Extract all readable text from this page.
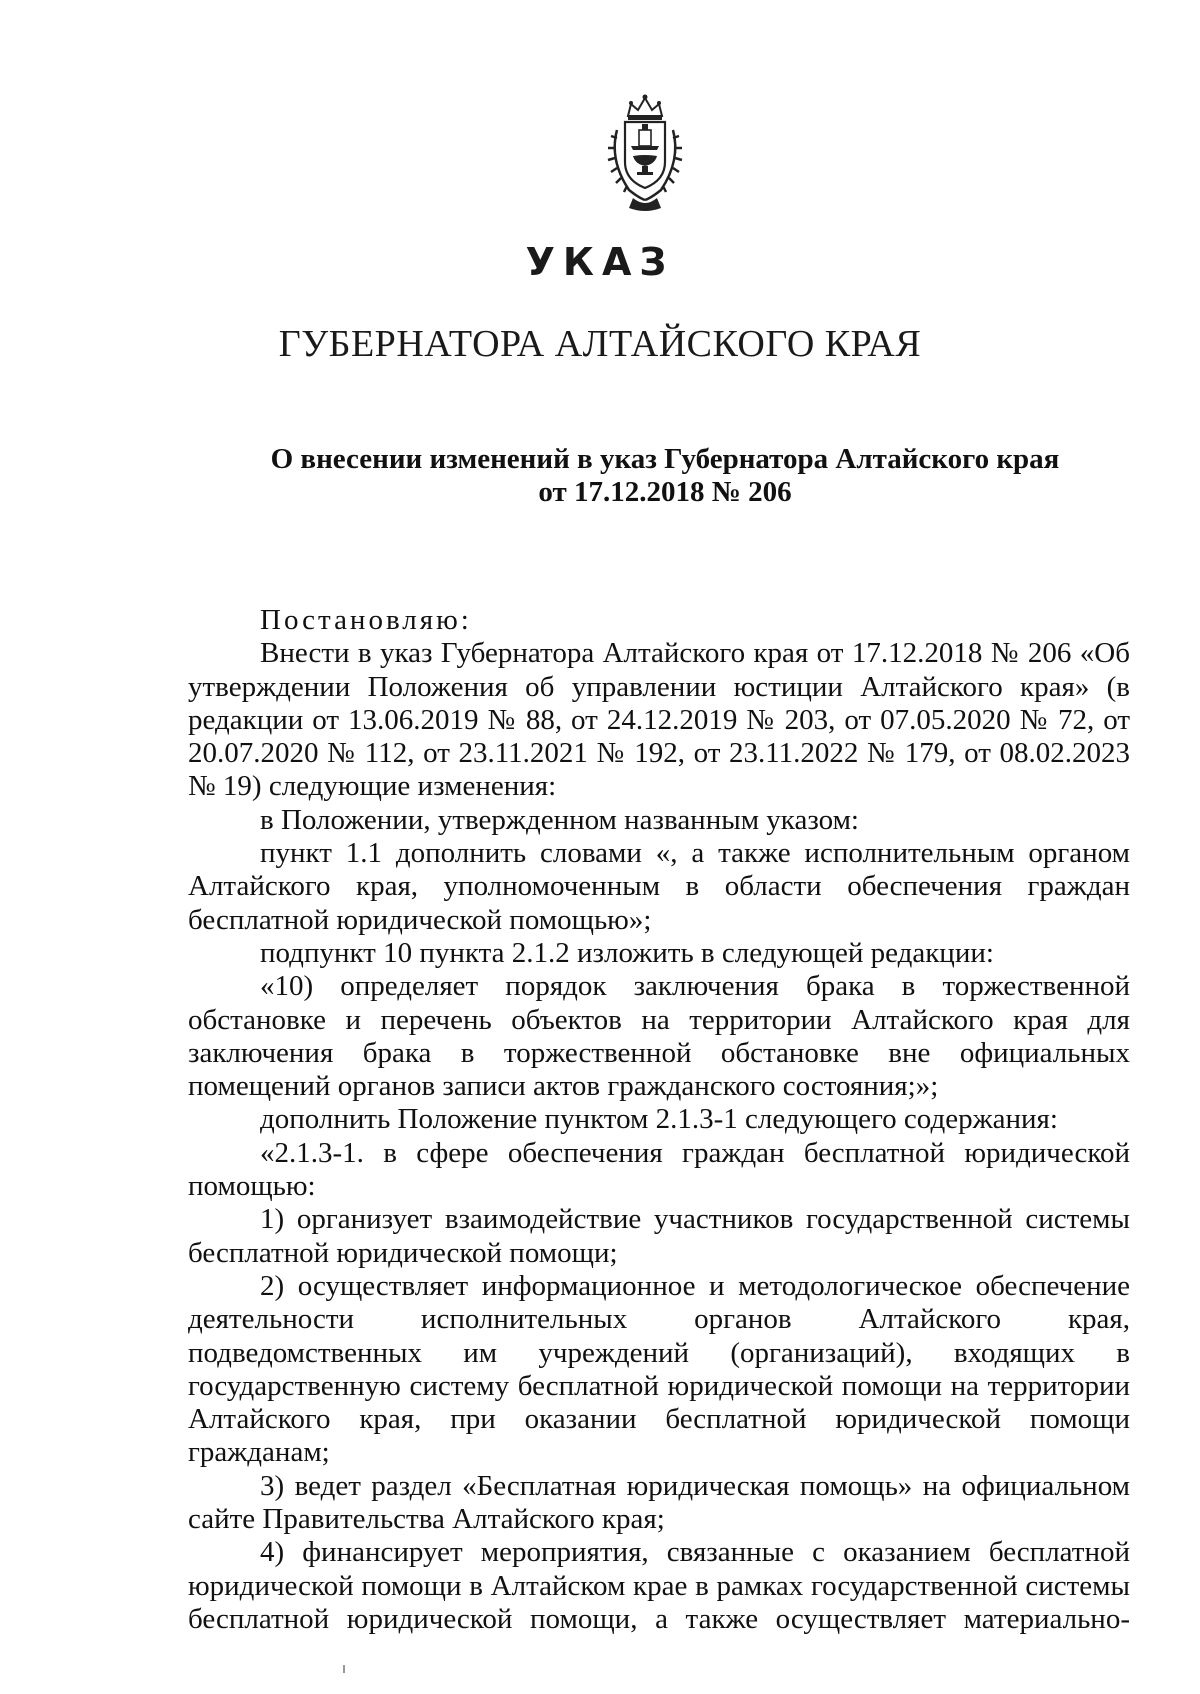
УКАЗ
ГУБЕРНАТОРА АЛТАЙСКОГО КРАЯ
О внесении изменений в указ Губернатора Алтайского края
от 17.12.2018 № 206

Постановляю:

Внести в указ Губернатора Алтайского края от 17.12.2018 № 206 «Об утверждении Положения об управлении юстиции Алтайского края» (в редакции от 13.06.2019 № 88, от 24.12.2019 № 203, от 07.05.2020 № 72, от 20.07.2020 № 112, от 23.11.2021 № 192, от 23.11.2022 № 179, от 08.02.2023 № 19) следующие изменения:

в Положении, утвержденном названным указом:

пункт 1.1 дополнить словами «, а также исполнительным органом Алтайского края, уполномоченным в области обеспечения граждан бесплатной юридической помощью»;

подпункт 10 пункта 2.1.2 изложить в следующей редакции:

«10) определяет порядок заключения брака в торжественной обстановке и перечень объектов на территории Алтайского края для заключения брака в торжественной обстановке вне официальных помещений органов записи актов гражданского состояния;»;

дополнить Положение пунктом 2.1.3-1 следующего содержания:

«2.1.3-1. в сфере обеспечения граждан бесплатной юридической помощью:

1) организует взаимодействие участников государственной системы бесплатной юридической помощи;

2) осуществляет информационное и методологическое обеспечение деятельности исполнительных органов Алтайского края, подведомственных им учреждений (организаций), входящих в государственную систему бесплатной юридической помощи на территории Алтайского края, при оказании бесплатной юридической помощи гражданам;

3) ведет раздел «Бесплатная юридическая помощь» на официальном сайте Правительства Алтайского края;

4) финансирует мероприятия, связанные с оказанием бесплатной юридической помощи в Алтайском крае в рамках государственной системы бесплатной юридической помощи, а также осуществляет материально-
